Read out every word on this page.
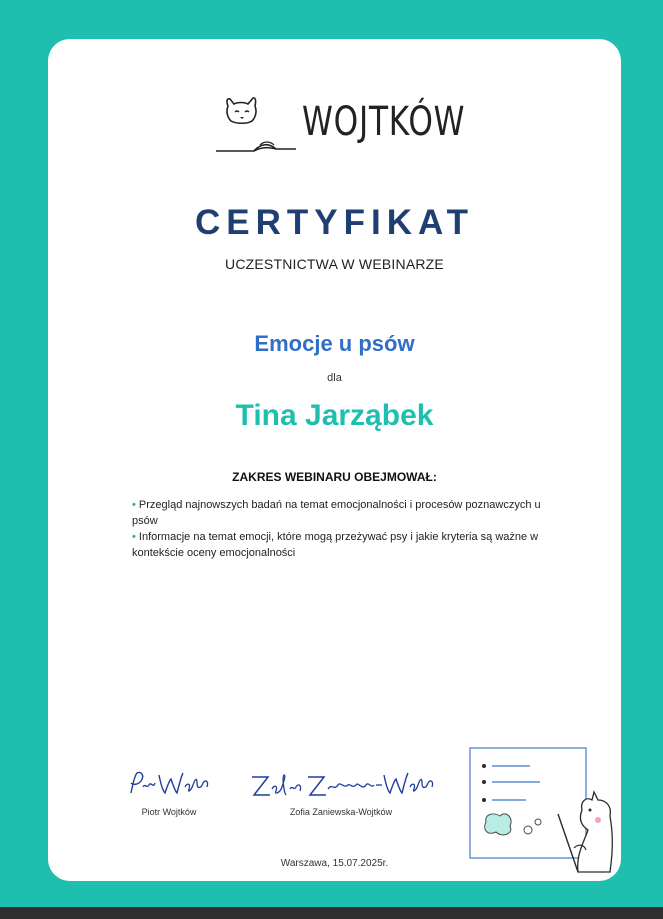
WOJTKÓW
CERTYFIKAT
UCZESTNICTWA W WEBINARZE
Emocje u psów
dla
Tina Jarząbek
ZAKRES WEBINARU OBEJMOWAŁ:
• Przegląd najnowszych badań na temat emocjonalności i procesów poznawczych u psów
• Informacje na temat emocji, które mogą przeżywać psy i jakie kryteria są ważne w kontekście oceny emocjonalności
Piotr Wojtków	Zofia Zaniewska-Wojtków
Warszawa, 15.07.2025r.
